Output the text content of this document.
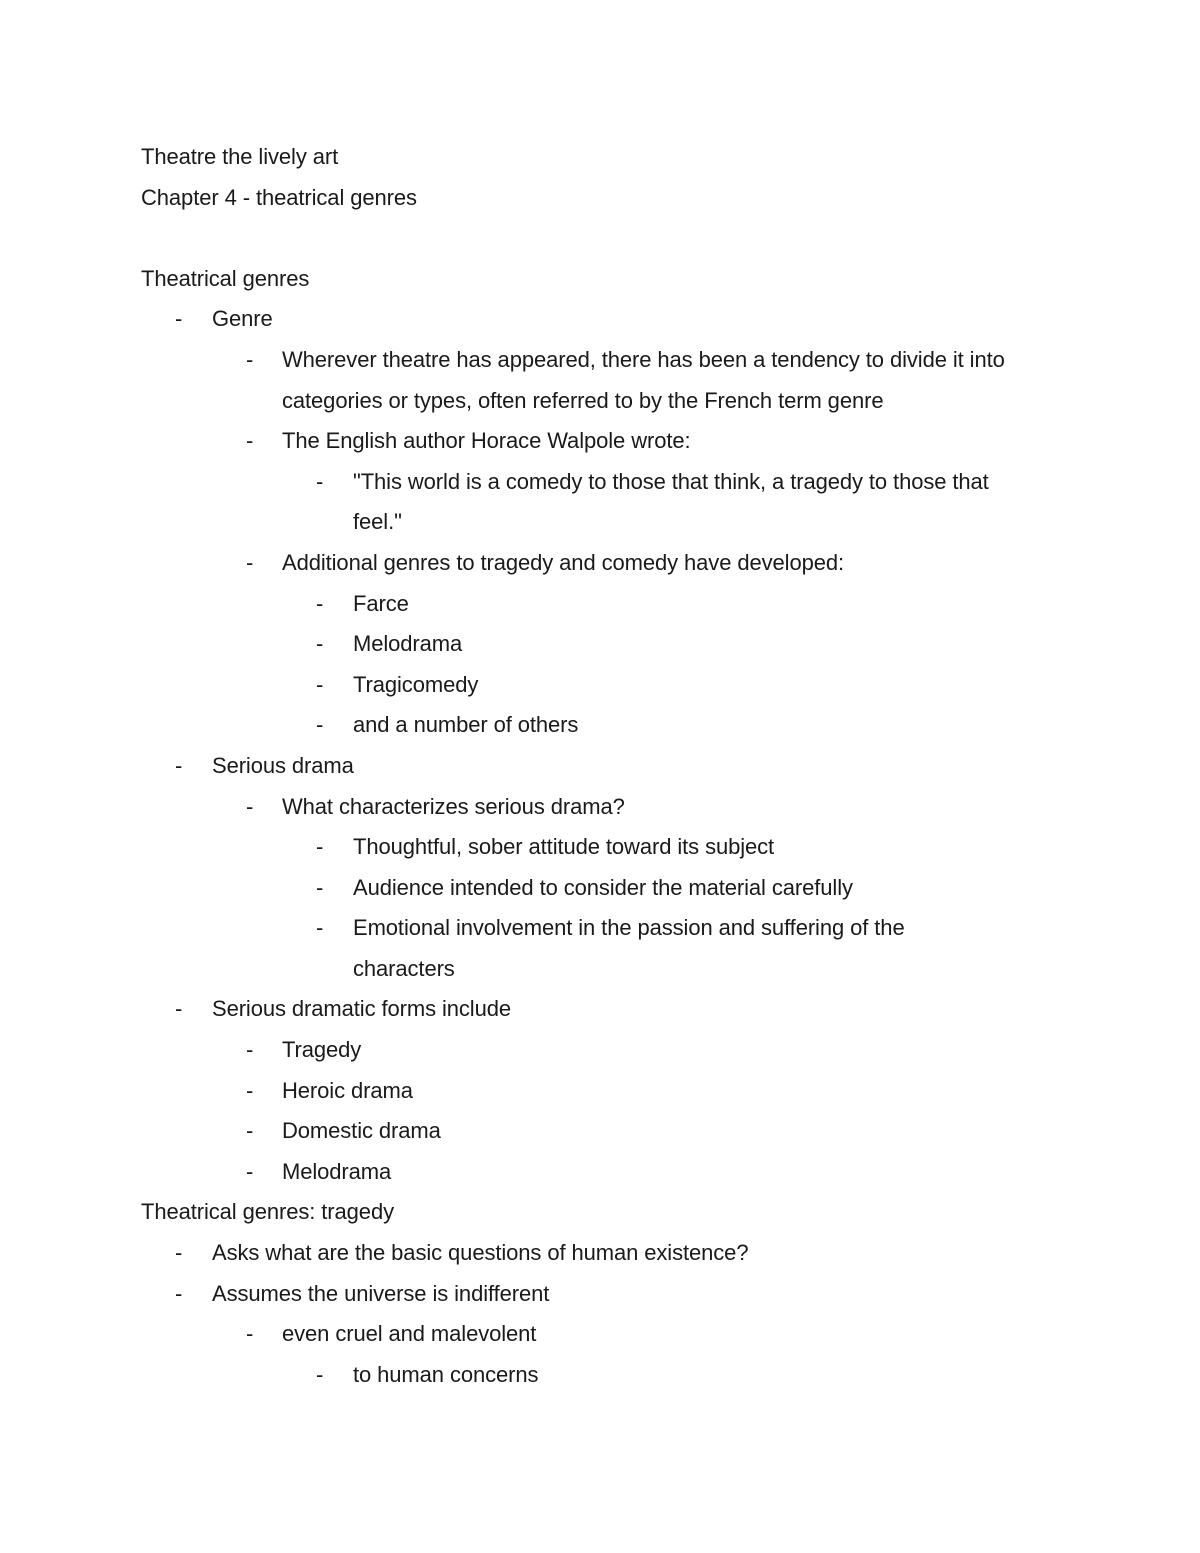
Theatre the lively art
Chapter 4 - theatrical genres
Theatrical genres
-	Genre
-	Wherever theatre has appeared, there has been a tendency to divide it into categories or types, often referred to by the French term genre
-	The English author Horace Walpole wrote:
-	"This world is a comedy to those that think, a tragedy to those that feel."
-	Additional genres to tragedy and comedy have developed:
-	Farce
-	Melodrama
-	Tragicomedy
-	and a number of others
-	Serious drama
-	What characterizes serious drama?
-	Thoughtful, sober attitude toward its subject
-	Audience intended to consider the material carefully
-	Emotional involvement in the passion and suffering of the characters
-	Serious dramatic forms include
-	Tragedy
-	Heroic drama
-	Domestic drama
-	Melodrama
Theatrical genres: tragedy
-	Asks what are the basic questions of human existence?
-	Assumes the universe is indifferent
-	even cruel and malevolent
-	to human concerns
